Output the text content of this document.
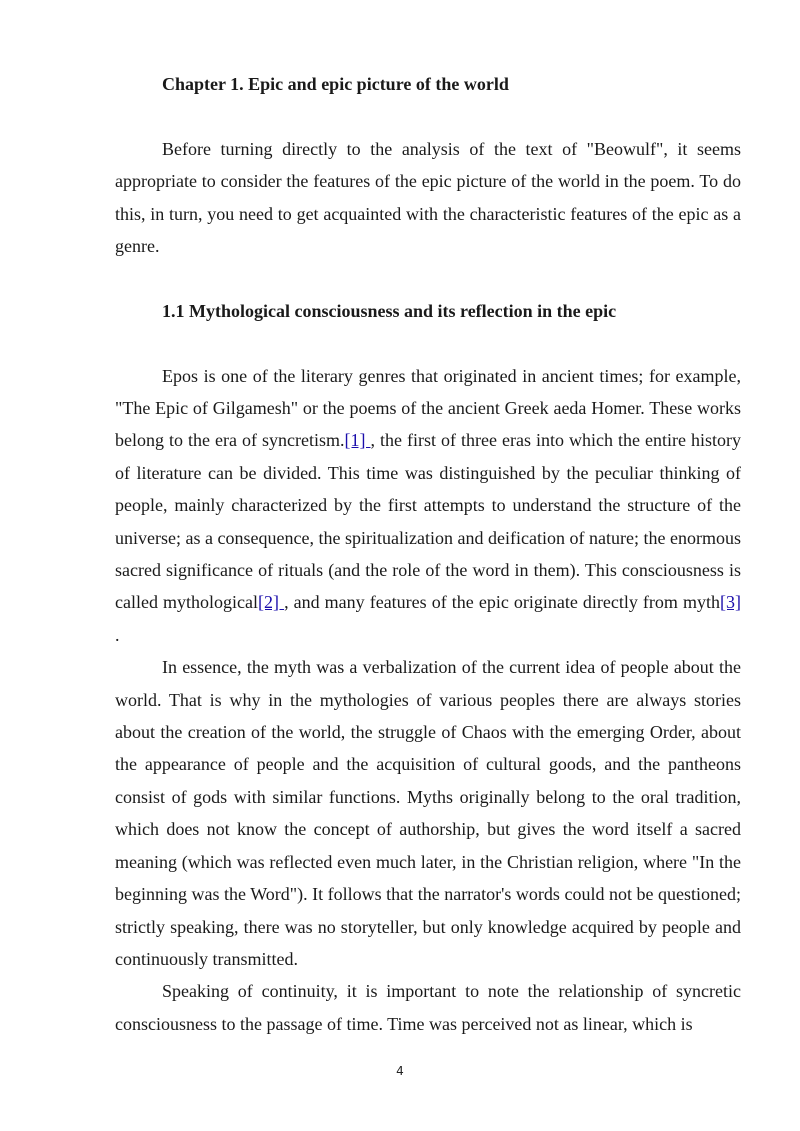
Chapter 1. Epic and epic picture of the world

Before turning directly to the analysis of the text of "Beowulf", it seems appropriate to consider the features of the epic picture of the world in the poem. To do this, in turn, you need to get acquainted with the characteristic features of the epic as a genre.

1.1 Mythological consciousness and its reflection in the epic

Epos is one of the literary genres that originated in ancient times; for example, "The Epic of Gilgamesh" or the poems of the ancient Greek aeda Homer. These works belong to the era of syncretism.[1] , the first of three eras into which the entire history of literature can be divided. This time was distinguished by the peculiar thinking of people, mainly characterized by the first attempts to understand the structure of the universe; as a consequence, the spiritualization and deification of nature; the enormous sacred significance of rituals (and the role of the word in them). This consciousness is called mythological[2] , and many features of the epic originate directly from myth[3] .

In essence, the myth was a verbalization of the current idea of people about the world. That is why in the mythologies of various peoples there are always stories about the creation of the world, the struggle of Chaos with the emerging Order, about the appearance of people and the acquisition of cultural goods, and the pantheons consist of gods with similar functions. Myths originally belong to the oral tradition, which does not know the concept of authorship, but gives the word itself a sacred meaning (which was reflected even much later, in the Christian religion, where "In the beginning was the Word"). It follows that the narrator's words could not be questioned; strictly speaking, there was no storyteller, but only knowledge acquired by people and continuously transmitted.

Speaking of continuity, it is important to note the relationship of syncretic consciousness to the passage of time. Time was perceived not as linear, which is

4
